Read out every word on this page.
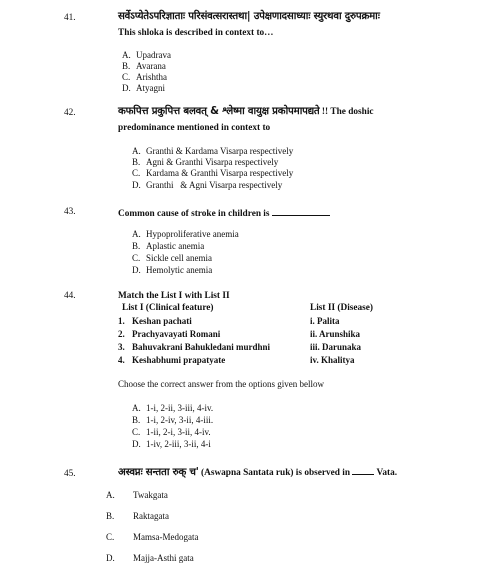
41.	सर्वेऽप्येतेऽपरिज्ञाताः परिसंवत्सरास्तथा| उपेक्षणादसाध्याः स्युरथवा दुरुपक्रमाः
This shloka is described in context to…
A. Upadrava
B. Avarana
C. Arishtha
D. Atyagni
42.	कफपित्त प्रकुपित्त बलवत् & श्लेष्मा वायुक्ष प्रकोपमापद्यते !! The doshic
predominance mentioned in context to
A. Granthi & Kardama Visarpa respectively
B. Agni & Granthi Visarpa respectively
C. Kardama & Granthi Visarpa respectively
D. Granthi   & Agni Visarpa respectively
43.	Common cause of stroke in children is
A. Hypoproliferative anemia
B. Aplastic anemia
C. Sickle cell anemia
D. Hemolytic anemia
44.	Match the List I with List II
List I (Clinical feature)	List II (Disease)
1. Keshan pachati	i. Palita
2. Prachyavayati Romani	ii. Arunshika
3. Bahuvakrani Bahukledani murdhni	iii. Darunaka
4. Keshabhumi prapatyate	iv. Khalitya
Choose the correct answer from the options given bellow
A. 1-i, 2-ii, 3-iii, 4-iv.
B. 1-i, 2-iv, 3-ii, 4-iii.
C. 1-ii, 2-i, 3-ii, 4-iv.
D. 1-iv, 2-iii, 3-ii, 4-i
45.	अस्वप्नः सन्तता रुक् च' (Aswapna Santata ruk) is observed in	Vata.
A. Twakgata
B. Raktagata
C. Mamsa-Medogata
D. Majja-Asthi gata
